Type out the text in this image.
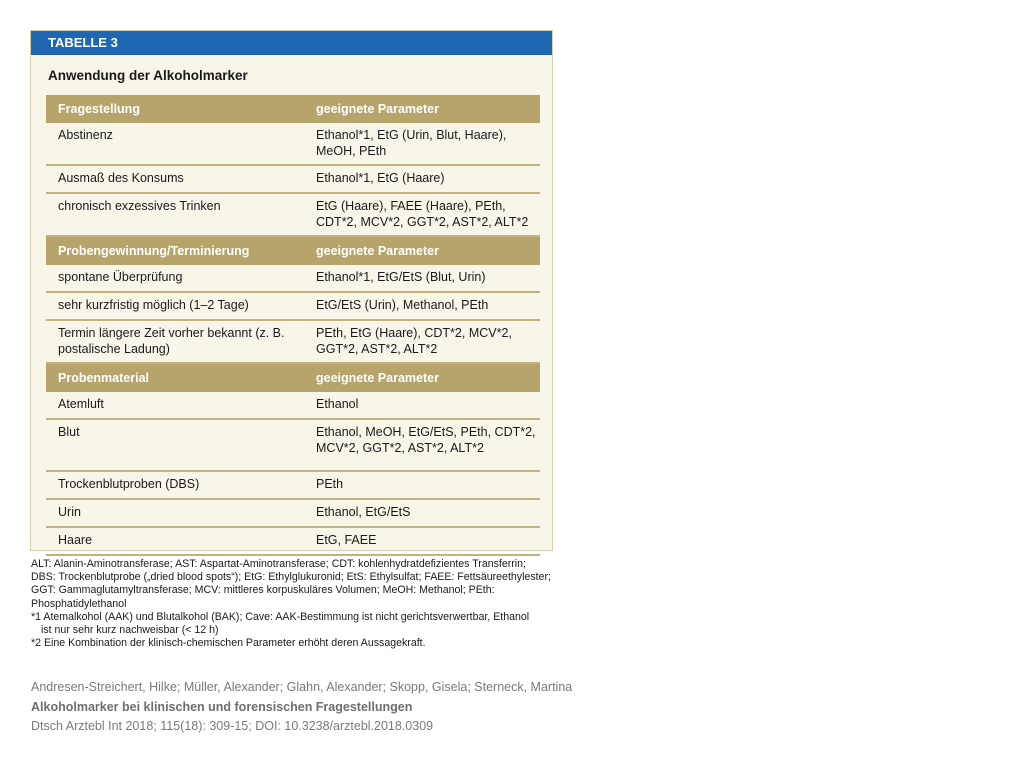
TABELLE 3
Anwendung der Alkoholmarker
Fragestellung	geeignete Parameter
Abstinenz	Ethanol*1, EtG (Urin, Blut, Haare), MeOH, PEth
Ausmaß des Konsums	Ethanol*1, EtG (Haare)
chronisch exzessives Trinken	EtG (Haare), FAEE (Haare), PEth, CDT*2, MCV*2, GGT*2, AST*2, ALT*2
Probengewinnung/Terminierung	geeignete Parameter
spontane Überprüfung	Ethanol*1, EtG/EtS (Blut, Urin)
sehr kurzfristig möglich (1–2 Tage)	EtG/EtS (Urin), Methanol, PEth
Termin längere Zeit vorher bekannt (z. B. postalische Ladung)	PEth, EtG (Haare), CDT*2, MCV*2, GGT*2, AST*2, ALT*2
Probenmaterial	geeignete Parameter
Atemluft	Ethanol
Blut	Ethanol, MeOH, EtG/EtS, PEth, CDT*2, MCV*2, GGT*2, AST*2, ALT*2
Trockenblutproben (DBS)	PEth
Urin	Ethanol, EtG/EtS
Haare	EtG, FAEE

ALT: Alanin-Aminotransferase; AST: Aspartat-Aminotransferase; CDT: kohlenhydratdefizientes Transferrin; DBS: Trockenblutprobe („dried blood spots“); EtG: Ethylglukuronid; EtS: Ethylsulfat; FAEE: Fettsäureethylester; GGT: Gammaglutamyltransferase; MCV: mittleres korpuskuläres Volumen; MeOH: Methanol; PEth: Phosphatidylethanol

*1 Atemalkohol (AAK) und Blutalkohol (BAK); Cave: AAK-Bestimmung ist nicht gerichtsverwertbar, Ethanol

ist nur sehr kurz nachweisbar (< 12 h)

*2 Eine Kombination der klinisch-chemischen Parameter erhöht deren Aussagekraft.

Andresen-Streichert, Hilke; Müller, Alexander; Glahn, Alexander; Skopp, Gisela; Sterneck, Martina
Alkoholmarker bei klinischen und forensischen Fragestellungen
Dtsch Arztebl Int 2018; 115(18): 309-15; DOI: 10.3238/arztebl.2018.0309
